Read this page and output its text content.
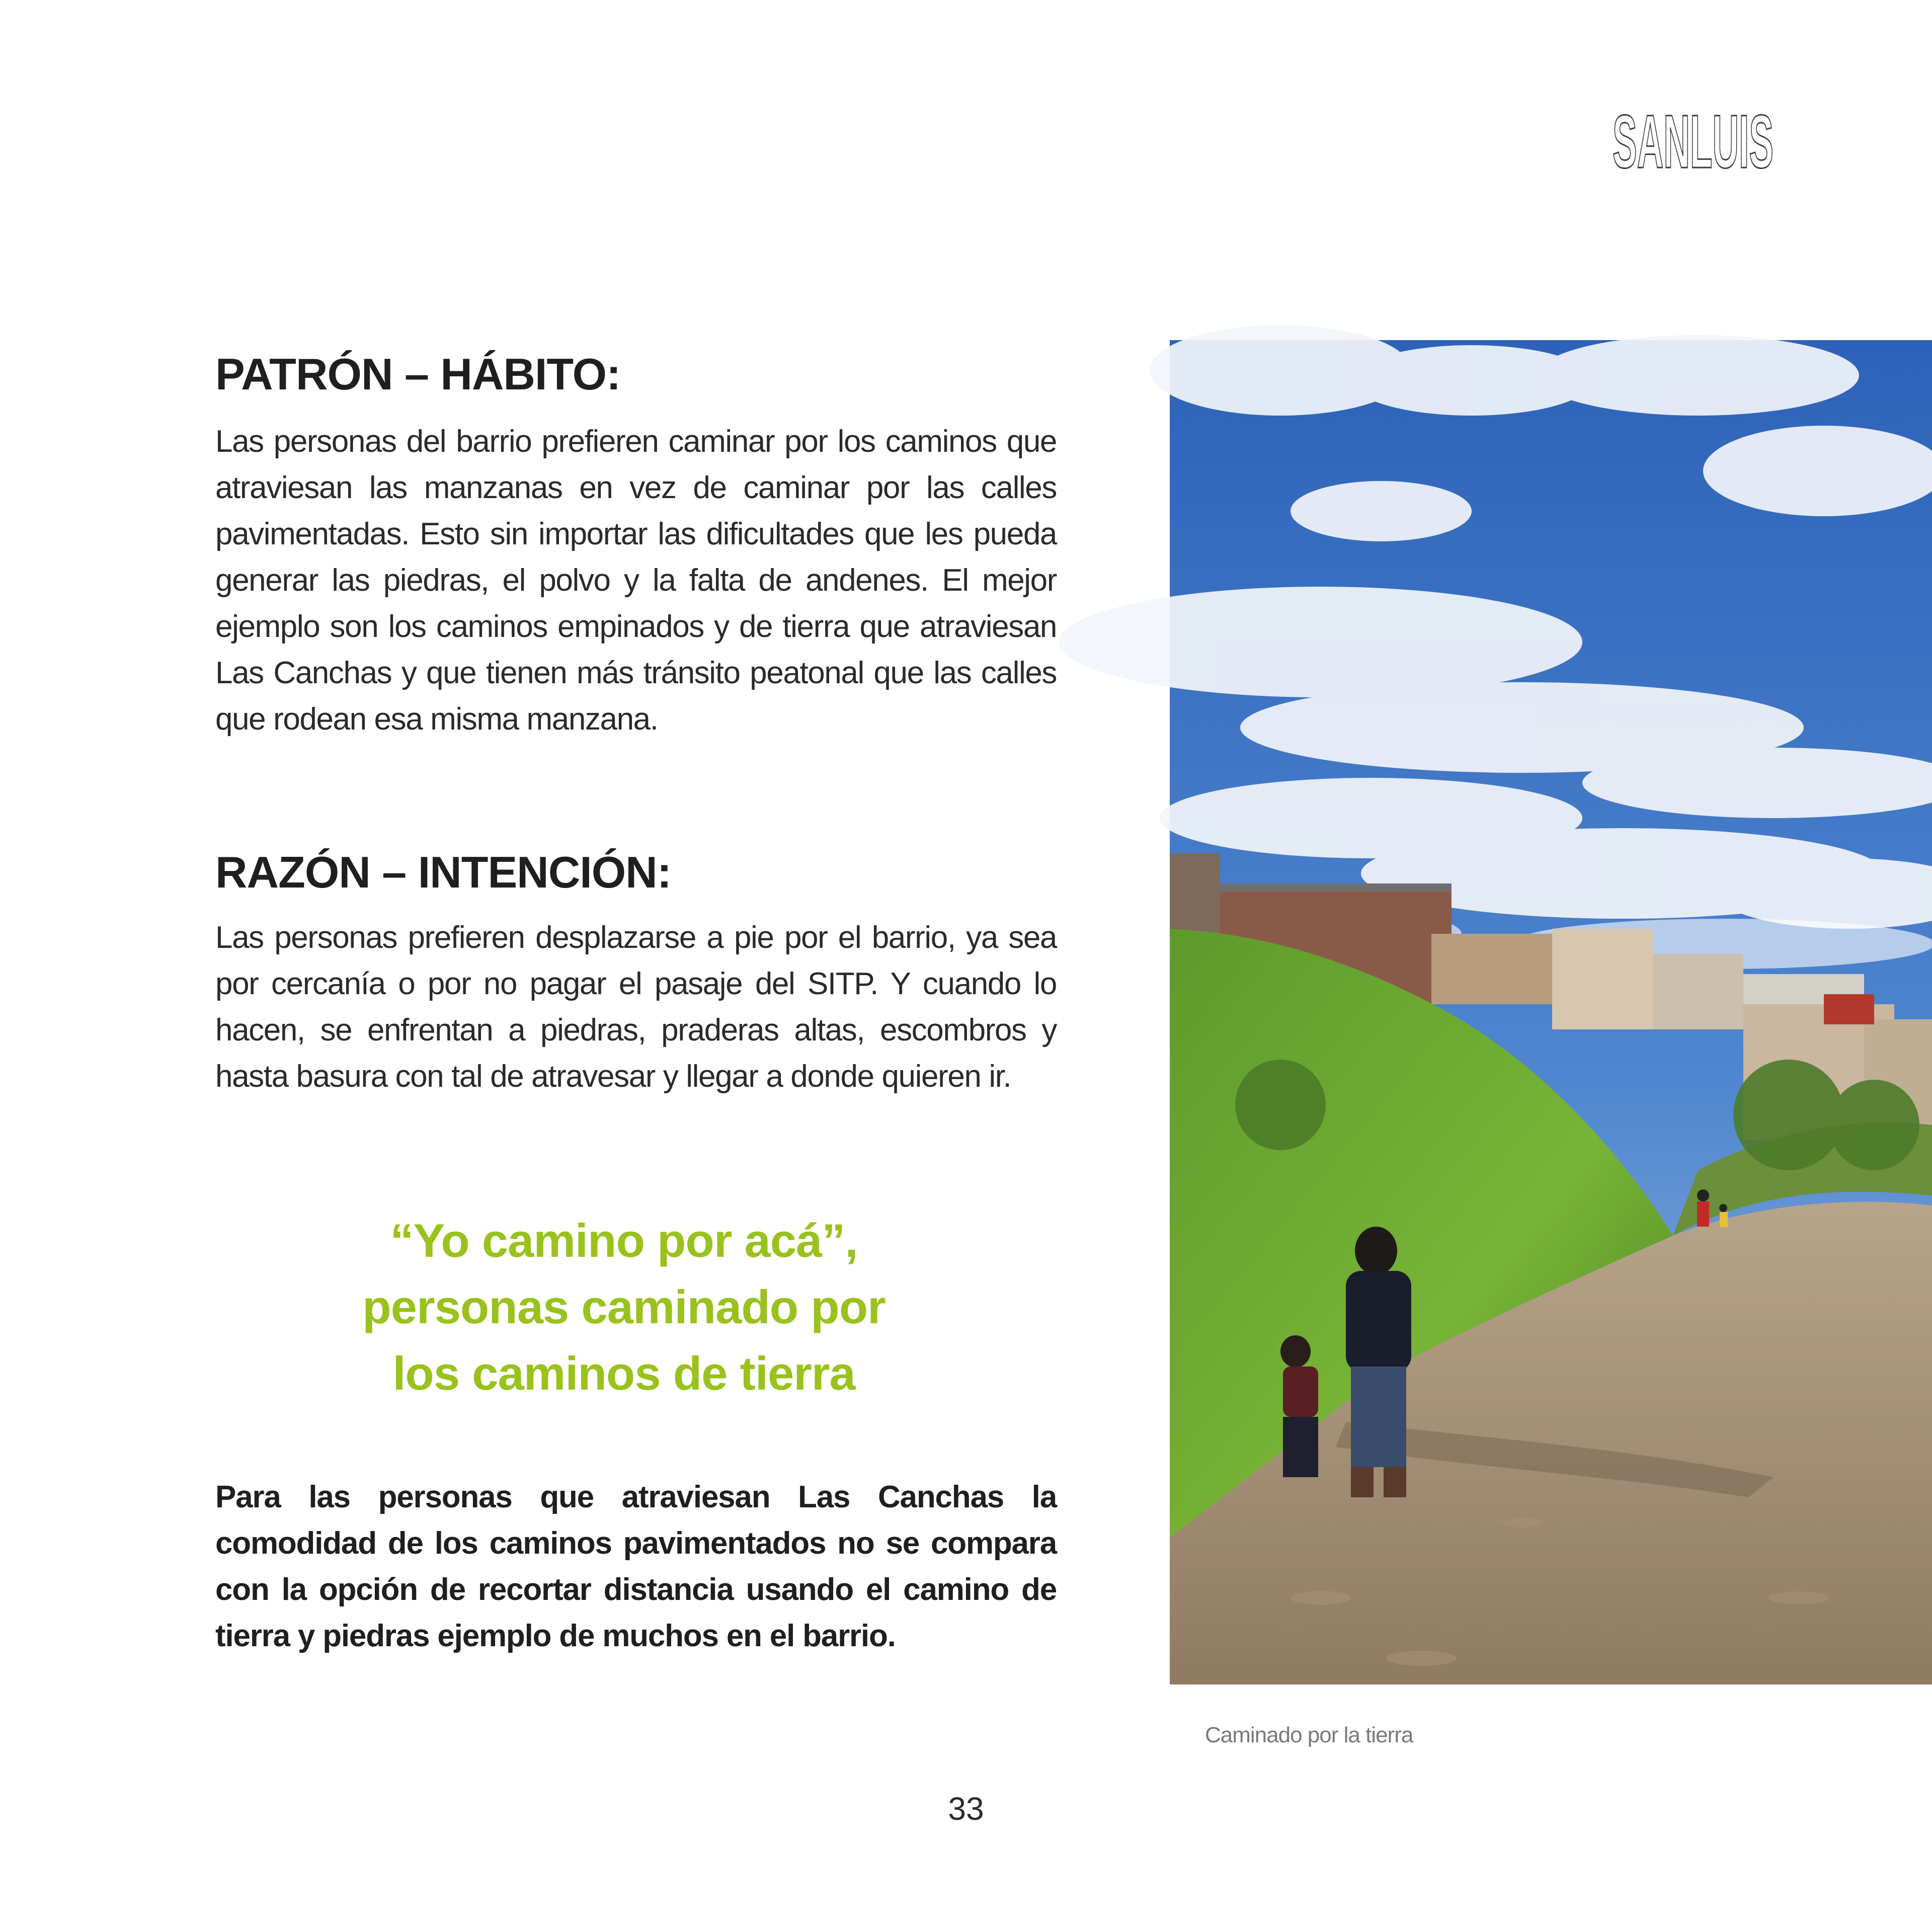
SANLUIS
PATRÓN – HÁBITO:
Las personas del barrio prefieren caminar por los caminos que atraviesan las manzanas en vez de caminar por las calles pavimentadas. Esto sin importar las dificultades que les pueda generar las piedras, el polvo y la falta de andenes. El mejor ejemplo son los caminos empinados y de tierra que atraviesan Las Canchas y que tienen más tránsito peatonal que las calles que rodean esa misma manzana.
RAZÓN – INTENCIÓN:
Las personas prefieren desplazarse a pie por el barrio, ya sea por cercanía o por no pagar el pasaje del SITP. Y cuando lo hacen, se enfrentan a piedras, praderas altas, escombros y hasta basura con tal de atravesar y llegar a donde quieren ir.
“Yo camino por acá”, personas caminado por los caminos de tierra
Para las personas que atraviesan Las Canchas la comodidad de los caminos pavimentados no se compara con la opción de recortar distancia usando el camino de tierra y piedras ejemplo de muchos en el barrio.
Caminado por la tierra
33
